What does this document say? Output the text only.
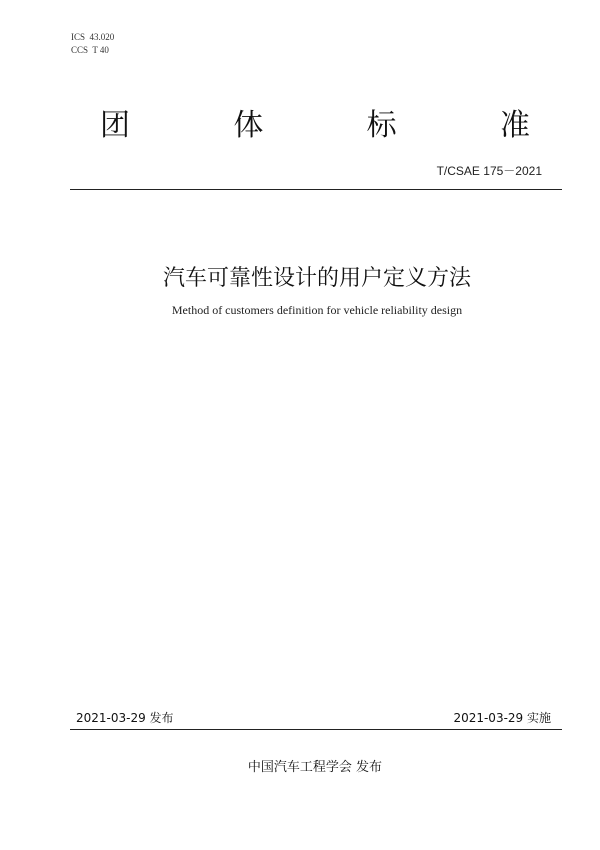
ICS  43.020
CCS  T 40
团	体	标	准
T/CSAE 175－2021
汽车可靠性设计的用户定义方法
Method of customers definition for vehicle reliability design
2021-03-29 发布	2021-03-29 实施
中国汽车工程学会 发布
